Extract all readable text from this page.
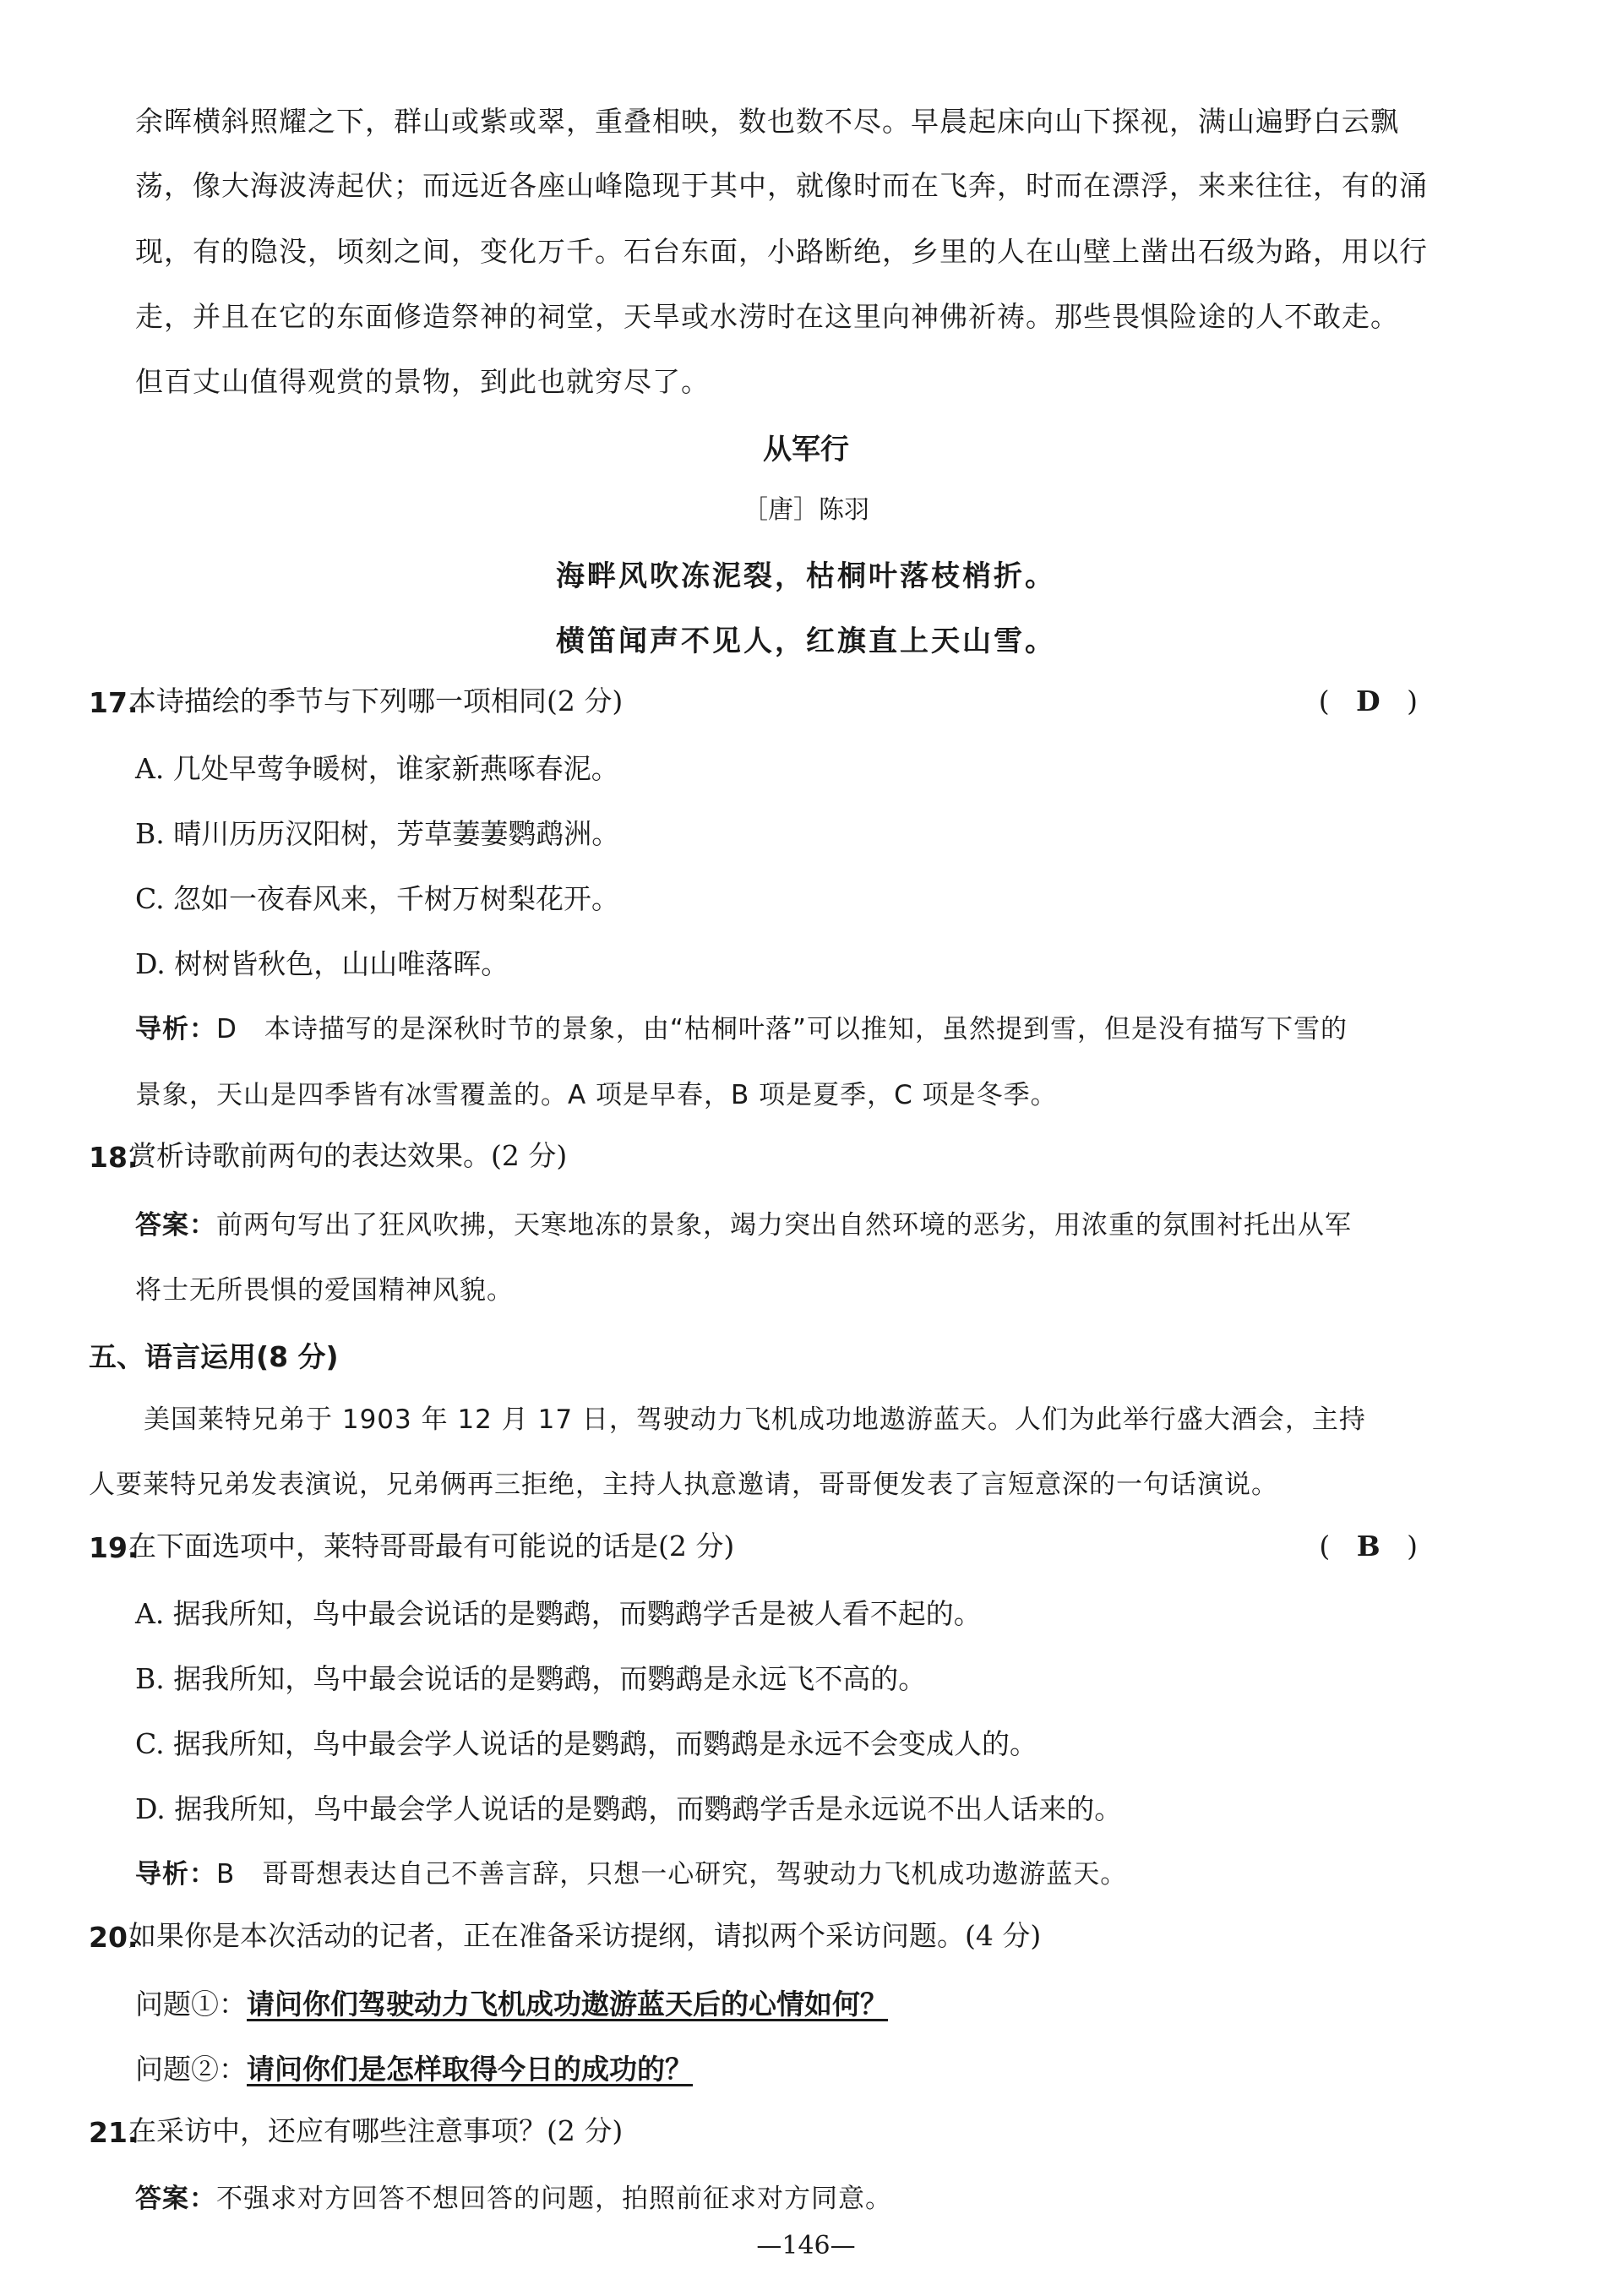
余晖横斜照耀之下，群山或紫或翠，重叠相映，数也数不尽。早晨起床向山下探视，满山遍野白云飘
荡，像大海波涛起伏；而远近各座山峰隐现于其中，就像时而在飞奔，时而在漂浮，来来往往，有的涌
现，有的隐没，顷刻之间，变化万千。石台东面，小路断绝，乡里的人在山壁上凿出石级为路，用以行
走，并且在它的东面修造祭神的祠堂，天旱或水涝时在这里向神佛祈祷。那些畏惧险途的人不敢走。
但百丈山值得观赏的景物，到此也就穷尽了。
从军行
［唐］陈羽
海畔风吹冻泥裂，枯桐叶落枝梢折。
横笛闻声不见人，红旗直上天山雪。
17.
本诗描绘的季节与下列哪一项相同(2 分)	(   D   )
A. 几处早莺争暖树，谁家新燕啄春泥。
B. 晴川历历汉阳树，芳草萋萋鹦鹉洲。
C. 忽如一夜春风来，千树万树梨花开。
D. 树树皆秋色，山山唯落晖。
导析：D　本诗描写的是深秋时节的景象，由“枯桐叶落”可以推知，虽然提到雪，但是没有描写下雪的
景象，天山是四季皆有冰雪覆盖的。A 项是早春，B 项是夏季，C 项是冬季。
18.
赏析诗歌前两句的表达效果。(2 分)
答案：前两句写出了狂风吹拂，天寒地冻的景象，竭力突出自然环境的恶劣，用浓重的氛围衬托出从军
将士无所畏惧的爱国精神风貌。
五、语言运用(8 分)
美国莱特兄弟于 1903 年 12 月 17 日，驾驶动力飞机成功地遨游蓝天。人们为此举行盛大酒会，主持
人要莱特兄弟发表演说，兄弟俩再三拒绝，主持人执意邀请，哥哥便发表了言短意深的一句话演说。
19.
在下面选项中，莱特哥哥最有可能说的话是(2 分)	(   B   )
A. 据我所知，鸟中最会说话的是鹦鹉，而鹦鹉学舌是被人看不起的。
B. 据我所知，鸟中最会说话的是鹦鹉，而鹦鹉是永远飞不高的。
C. 据我所知，鸟中最会学人说话的是鹦鹉，而鹦鹉是永远不会变成人的。
D. 据我所知，鸟中最会学人说话的是鹦鹉，而鹦鹉学舌是永远说不出人话来的。
导析：B　哥哥想表达自己不善言辞，只想一心研究，驾驶动力飞机成功遨游蓝天。
20.
如果你是本次活动的记者，正在准备采访提纲，请拟两个采访问题。(4 分)
问题①：请问你们驾驶动力飞机成功遨游蓝天后的心情如何？
问题②：请问你们是怎样取得今日的成功的？
21.
在采访中，还应有哪些注意事项？(2 分)
答案：不强求对方回答不想回答的问题，拍照前征求对方同意。
—146—
